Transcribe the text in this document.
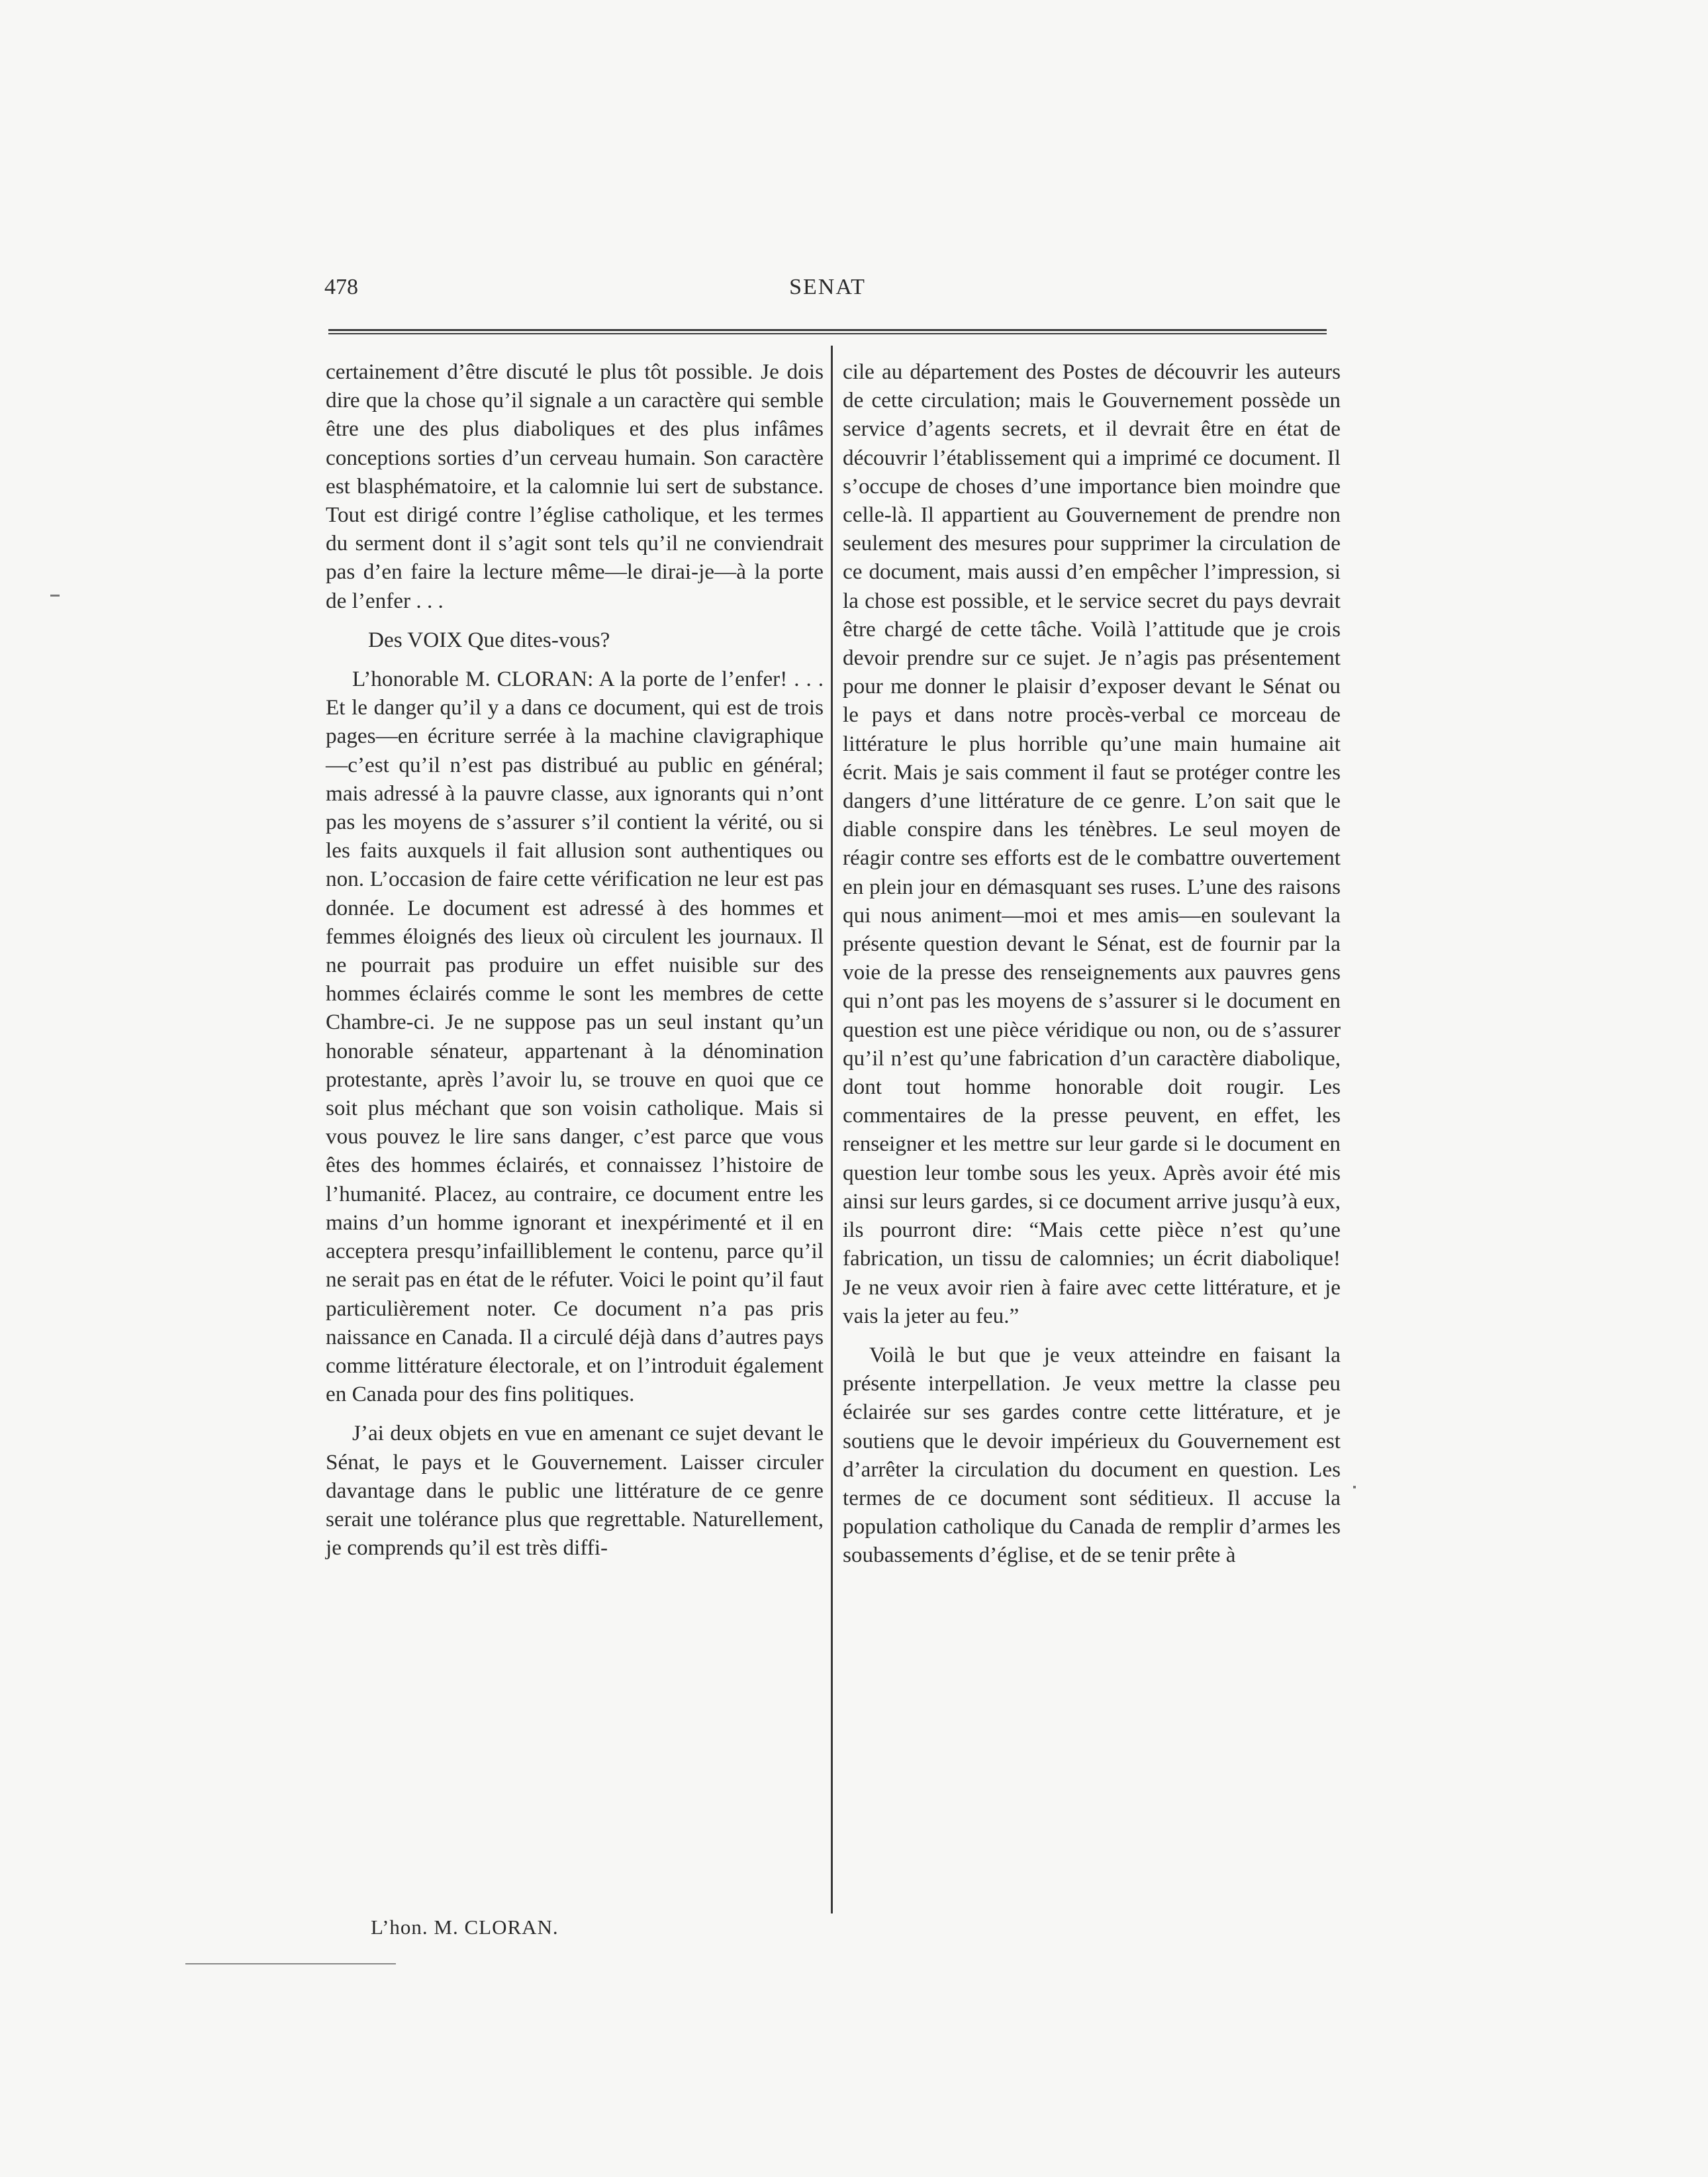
478	SENAT

certainement d’être discuté le plus tôt possible. Je dois dire que la chose qu’il signale a un caractère qui semble être une des plus diaboliques et des plus infâmes conceptions sorties d’un cerveau humain. Son caractère est blasphématoire, et la calomnie lui sert de substance. Tout est dirigé contre l’église catholique, et les termes du serment dont il s’agit sont tels qu’il ne conviendrait pas d’en faire la lecture même—le dirai-je—à la porte de l’enfer . . .

Des VOIX Que dites-vous?

L’honorable M. CLORAN: A la porte de l’enfer! . . . Et le danger qu’il y a dans ce document, qui est de trois pages—en écriture serrée à la machine clavigraphique —c’est qu’il n’est pas distribué au public en général; mais adressé à la pauvre classe, aux ignorants qui n’ont pas les moyens de s’assurer s’il contient la vérité, ou si les faits auxquels il fait allusion sont authentiques ou non. L’occasion de faire cette vérification ne leur est pas donnée. Le document est adressé à des hommes et femmes éloignés des lieux où circulent les journaux. Il ne pourrait pas produire un effet nuisible sur des hommes éclairés comme le sont les membres de cette Chambre-ci. Je ne suppose pas un seul instant qu’un honorable sénateur, appartenant à la dénomination protestante, après l’avoir lu, se trouve en quoi que ce soit plus méchant que son voisin catholique. Mais si vous pouvez le lire sans danger, c’est parce que vous êtes des hommes éclairés, et connaissez l’histoire de l’humanité. Placez, au contraire, ce document entre les mains d’un homme ignorant et inexpérimenté et il en acceptera presqu’infailliblement le contenu, parce qu’il ne serait pas en état de le réfuter. Voici le point qu’il faut particulièrement noter. Ce document n’a pas pris naissance en Canada. Il a circulé déjà dans d’autres pays comme littérature électorale, et on l’introduit également en Canada pour des fins politiques.

J’ai deux objets en vue en amenant ce sujet devant le Sénat, le pays et le Gouvernement. Laisser circuler davantage dans le public une littérature de ce genre serait une tolérance plus que regrettable. Naturellement, je comprends qu’il est très diffi-

cile au département des Postes de découvrir les auteurs de cette circulation; mais le Gouvernement possède un service d’agents secrets, et il devrait être en état de découvrir l’établissement qui a imprimé ce document. Il s’occupe de choses d’une importance bien moindre que celle-là. Il appartient au Gouvernement de prendre non seulement des mesures pour supprimer la circulation de ce document, mais aussi d’en empêcher l’impression, si la chose est possible, et le service secret du pays devrait être chargé de cette tâche. Voilà l’attitude que je crois devoir prendre sur ce sujet. Je n’agis pas présentement pour me donner le plaisir d’exposer devant le Sénat ou le pays et dans notre procès-verbal ce morceau de littérature le plus horrible qu’une main humaine ait écrit. Mais je sais comment il faut se protéger contre les dangers d’une littérature de ce genre. L’on sait que le diable conspire dans les ténèbres. Le seul moyen de réagir contre ses efforts est de le combattre ouvertement en plein jour en démasquant ses ruses. L’une des raisons qui nous animent—moi et mes amis—en soulevant la présente question devant le Sénat, est de fournir par la voie de la presse des renseignements aux pauvres gens qui n’ont pas les moyens de s’assurer si le document en question est une pièce véridique ou non, ou de s’assurer qu’il n’est qu’une fabrication d’un caractère diabolique, dont tout homme honorable doit rougir. Les commentaires de la presse peuvent, en effet, les renseigner et les mettre sur leur garde si le document en question leur tombe sous les yeux. Après avoir été mis ainsi sur leurs gardes, si ce document arrive jusqu’à eux, ils pourront dire: “Mais cette pièce n’est qu’une fabrication, un tissu de calomnies; un écrit diabolique! Je ne veux avoir rien à faire avec cette littérature, et je vais la jeter au feu.”

Voilà le but que je veux atteindre en faisant la présente interpellation. Je veux mettre la classe peu éclairée sur ses gardes contre cette littérature, et je soutiens que le devoir impérieux du Gouvernement est d’arrêter la circulation du document en question. Les termes de ce document sont séditieux. Il accuse la population catholique du Canada de remplir d’armes les soubassements d’église, et de se tenir prête à

L’hon. M. CLORAN.
